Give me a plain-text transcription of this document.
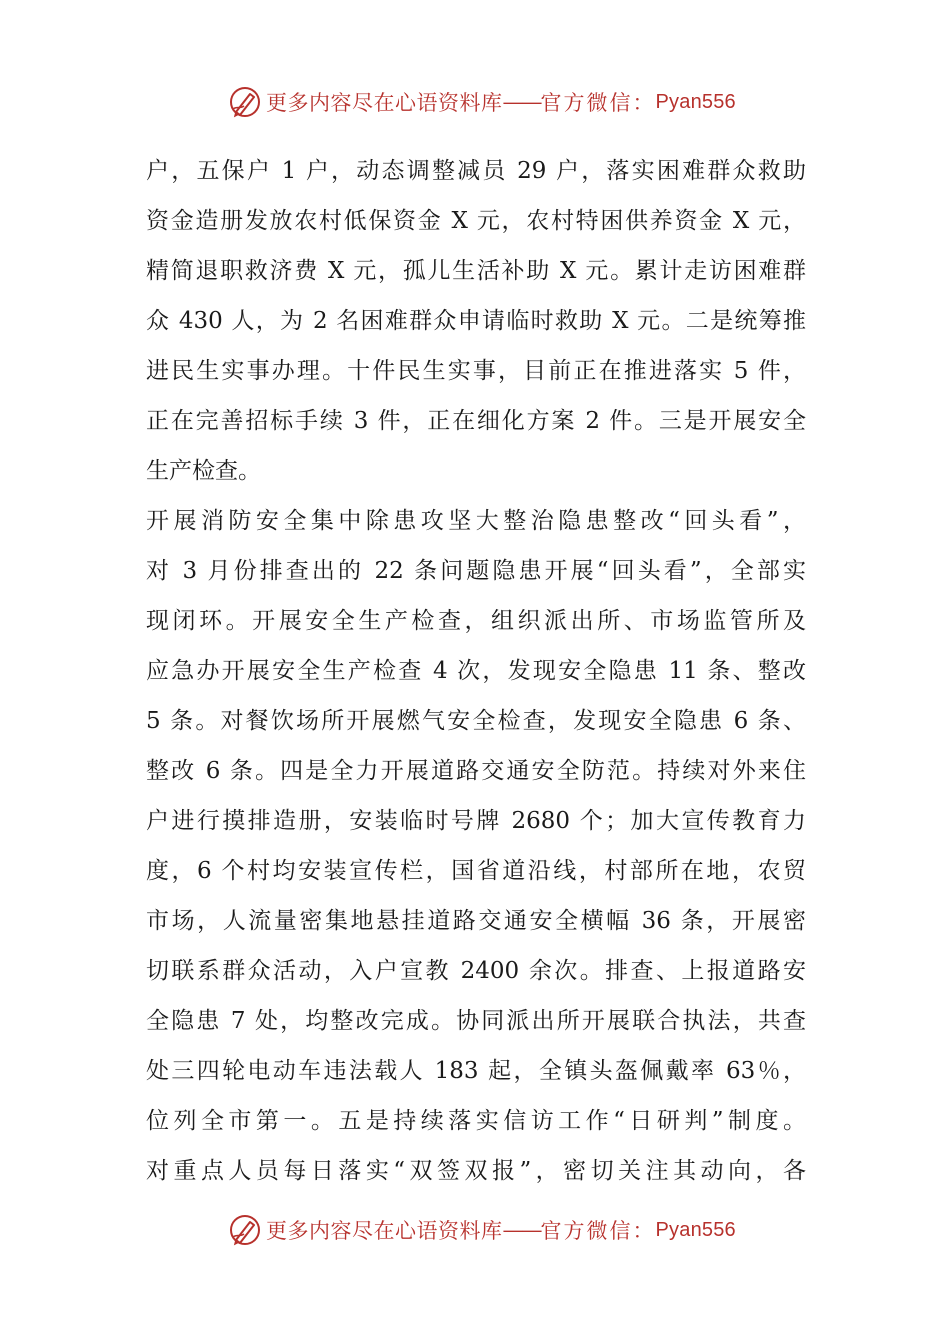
更多内容尽在心语资料库 —— 官方微信： Pyan556
户，五保户 1 户，动态调整减员 29 户，落实困难群众救助
资金造册发放农村低保资金 X 元，农村特困供养资金 X 元，
精简退职救济费 X 元，孤儿生活补助 X 元。累计走访困难群
众 430 人，为 2 名困难群众申请临时救助 X 元。二是统筹推
进民生实事办理。十件民生实事，目前正在推进落实 5 件，
正在完善招标手续 3 件，正在细化方案 2 件。三是开展安全
生产检查。
开展消防安全集中除患攻坚大整治隐患整改“回头看”，
对 3 月份排查出的 22 条问题隐患开展“回头看”，全部实
现闭环。开展安全生产检查，组织派出所、市场监管所及
应急办开展安全生产检查 4 次，发现安全隐患 11 条、整改
5 条。对餐饮场所开展燃气安全检查，发现安全隐患 6 条、
整改 6 条。四是全力开展道路交通安全防范。持续对外来住
户进行摸排造册，安装临时号牌 2680 个；加大宣传教育力
度，6 个村均安装宣传栏，国省道沿线，村部所在地，农贸
市场，人流量密集地悬挂道路交通安全横幅 36 条，开展密
切联系群众活动，入户宣教 2400 余次。排查、上报道路安
全隐患 7 处，均整改完成。协同派出所开展联合执法，共查
处三四轮电动车违法载人 183 起，全镇头盔佩戴率 63％，
位列全市第一。五是持续落实信访工作“日研判”制度。
对重点人员每日落实“双签双报”，密切关注其动向，各
更多内容尽在心语资料库 —— 官方微信： Pyan556
